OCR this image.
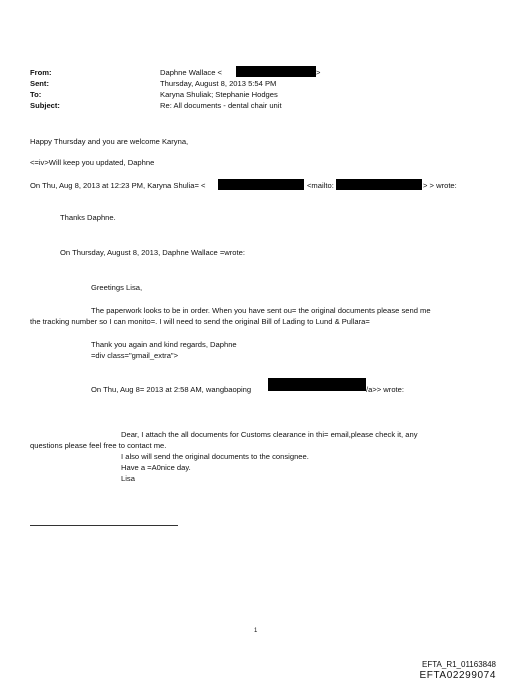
From:	Daphne Wallace <	>
Sent:	Thursday, August 8, 2013 5:54 PM
To:	Karyna Shuliak; Stephanie Hodges
Subject:	Re: All documents - dental chair unit
Happy Thursday and you are welcome Karyna,
<=iv>Will keep you updated, Daphne
On Thu, Aug 8, 2013 at 12:23 PM, Karyna Shulia= <	<mailto:	> > wrote:
Thanks Daphne.
On Thursday, August 8, 2013, Daphne Wallace =wrote:
Greetings Lisa,
The paperwork looks to be in order. When you have sent ou= the original documents please send me
the tracking number so I can monito=. I will need to send the original Bill of Lading to Lund & Pullara=
Thank you again and kind regards, Daphne
=div class="gmail_extra">
On Thu, Aug 8= 2013 at 2:58 AM, wangbaoping	/a>> wrote:
Dear, I attach the all documents for Customs clearance in thi= email,please check it, any
questions please feel free to contact me.
I also will send the original documents to the consignee.
Have a =A0nice day.
Lisa
1
EFTA_R1_01163848
EFTA02299074
